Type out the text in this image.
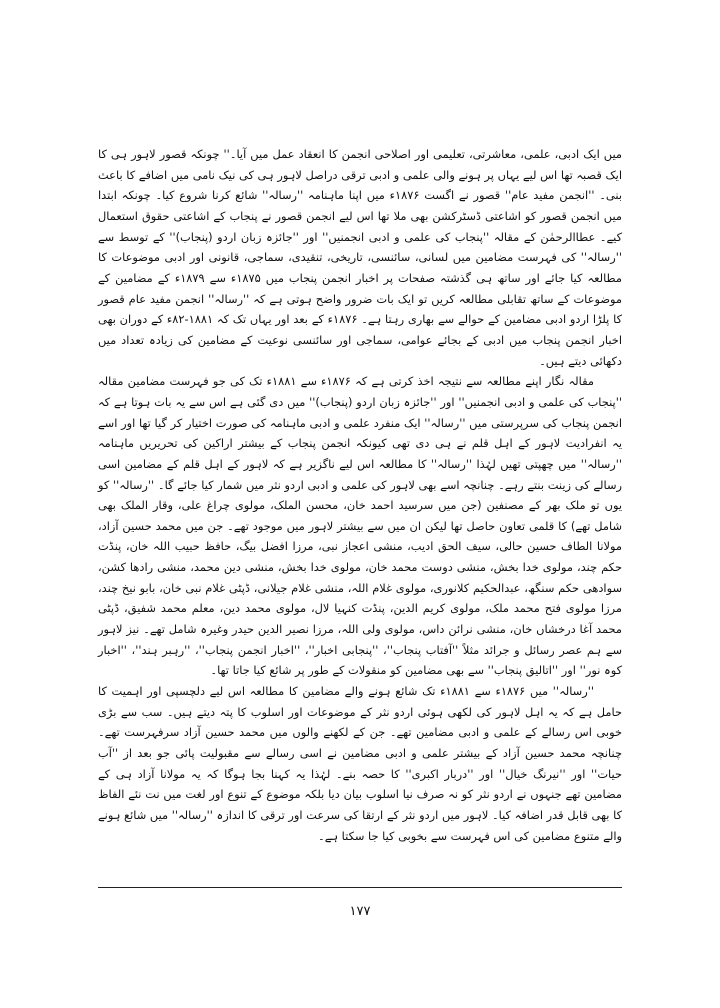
میں ایک ادبی، علمی، معاشرتی، تعلیمی اور اصلاحی انجمن کا انعقاد عمل میں آیا۔'' چونکہ قصور لاہور ہی کا ایک قصبہ تھا اس لیے یہاں پر ہونے والی علمی و ادبی ترقی دراصل لاہور ہی کی نیک نامی میں اضافے کا باعث بنی۔ ''انجمن مفید عام'' قصور نے اگست ۱۸۷۶ء میں اپنا ماہنامہ ''رسالہ'' شائع کرنا شروع کیا۔ چونکہ ابتدا میں انجمن قصور کو اشاعتی ڈسٹرکشن بھی ملا تھا اس لیے انجمن قصور نے پنجاب کے اشاعتی حقوق استعمال کیے۔ عطاالرحمٰن کے مقالہ ''پنجاب کی علمی و ادبی انجمنیں'' اور ''جائزہ زبان اردو (پنجاب)'' کے توسط سے ''رسالہ'' کی فہرست مضامین میں لسانی، سائنسی، تاریخی، تنقیدی، سماجی، قانونی اور ادبی موضوعات کا مطالعہ کیا جائے اور ساتھ ہی گذشتہ صفحات پر اخبار انجمن پنجاب میں ۱۸۷۵ء سے ۱۸۷۹ء کے مضامین کے موضوعات کے ساتھ تقابلی مطالعہ کریں تو ایک بات ضرور واضح ہوتی ہے کہ ''رسالہ'' انجمن مفید عام قصور کا پلڑا اردو ادبی مضامین کے حوالے سے بھاری رہتا ہے۔ ۱۸۷۶ء کے بعد اور یہاں تک کہ ۱۸۸۱-۸۲ء کے دوران بھی اخبار انجمن پنجاب میں ادبی کے بجائے عوامی، سماجی اور سائنسی نوعیت کے مضامین کی زیادہ تعداد میں دکھائی دیتے ہیں۔

مقالہ نگار اپنے مطالعہ سے نتیجہ اخذ کرتی ہے کہ ۱۸۷۶ء سے ۱۸۸۱ء تک کی جو فہرست مضامین مقالہ ''پنجاب کی علمی و ادبی انجمنیں'' اور ''جائزہ زبان اردو (پنجاب)'' میں دی گئی ہے اس سے یہ بات ہوتا ہے کہ انجمن پنجاب کی سرپرستی میں ''رسالہ'' ایک منفرد علمی و ادبی ماہنامہ کی صورت اختیار کر گیا تھا اور اسے یہ انفرادیت لاہور کے اہل قلم نے ہی دی تھی کیونکہ انجمن پنجاب کے بیشتر اراکین کی تحریریں ماہنامہ ''رسالہ'' میں چھپتی تھیں لہٰذا ''رسالہ'' کا مطالعہ اس لیے ناگزیر ہے کہ لاہور کے اہل قلم کے مضامین اسی رسالے کی زینت بنتے رہے۔ چنانچہ اسے بھی لاہور کی علمی و ادبی اردو نثر میں شمار کیا جائے گا۔ ''رسالہ'' کو یوں تو ملک بھر کے مصنفین (جن میں سرسید احمد خان، محسن الملک، مولوی چراغ علی، وقار الملک بھی شامل تھے) کا قلمی تعاون حاصل تھا لیکن ان میں سے بیشتر لاہور میں موجود تھے۔ جن میں محمد حسین آزاد، مولانا الطاف حسین حالی، سیف الحق ادیب، منشی اعجاز نبی، مرزا افضل بیگ، حافظ حبیب اللہ خان، پنڈت حکم چند، مولوی خدا بخش، منشی دوست محمد خان، مولوی خدا بخش، منشی دین محمد، منشی رادھا کشن، سوادھی حکم سنگھ، عبدالحکیم کلانوری، مولوی غلام اللہ، منشی غلام جیلانی، ڈپٹی غلام نبی خان، بابو نیخ چند، مرزا مولوی فتح محمد ملک، مولوی کریم الدین، پنڈت کنہیا لال، مولوی محمد دین، معلم محمد شفیق، ڈپٹی محمد آغا درخشاں خان، منشی نرائن داس، مولوی ولی اللہ، مرزا نصیر الدین حیدر وغیرہ شامل تھے۔ نیز لاہور سے ہم عصر رسائل و جرائد مثلاً ''آفتاب پنجاب''، ''پنجابی اخبار''، ''اخبار انجمن پنجاب''، ''رہبر ہند''، ''اخبار کوہ نور'' اور ''اتالیق پنجاب'' سے بھی مضامین کو منقولات کے طور پر شائع کیا جاتا تھا۔

''رسالہ'' میں ۱۸۷۶ء سے ۱۸۸۱ء تک شائع ہونے والے مضامین کا مطالعہ اس لیے دلچسپی اور اہمیت کا حامل ہے کہ یہ اہل لاہور کی لکھی ہوئی اردو نثر کے موضوعات اور اسلوب کا پتہ دیتے ہیں۔ سب سے بڑی خوبی اس رسالے کے علمی و ادبی مضامین تھے۔ جن کے لکھنے والوں میں محمد حسین آزاد سرفہرست تھے۔ چنانچہ محمد حسین آزاد کے بیشتر علمی و ادبی مضامین نے اسی رسالے سے مقبولیت پائی جو بعد از ''آب حیات'' اور ''نیرنگ خیال'' اور ''دربار اکبری'' کا حصہ بنے۔ لہٰذا یہ کہنا بجا ہوگا کہ یہ مولانا آزاد ہی کے مضامین تھے جنہوں نے اردو نثر کو نہ صرف نیا اسلوب بیان دیا بلکہ موضوع کے تنوع اور لغت میں نت نئے الفاظ کا بھی قابل قدر اضافہ کیا۔ لاہور میں اردو نثر کے ارتقا کی سرعت اور ترقی کا اندازہ ''رسالہ'' میں شائع ہونے والے متنوع مضامین کی اس فہرست سے بخوبی کیا جا سکتا ہے۔

۱۷۷
